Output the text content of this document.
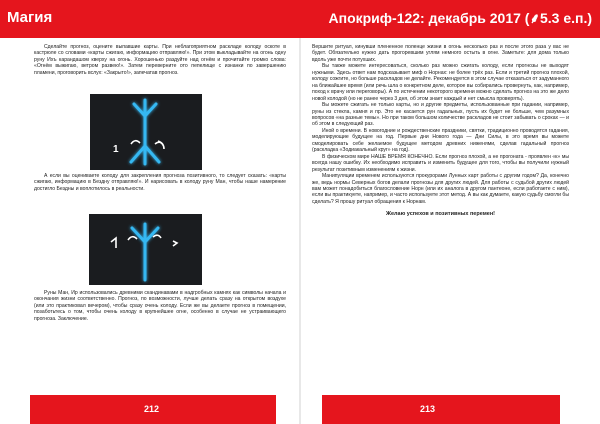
Магия	Апокриф-122: декабрь 2017 (⸙5.3 е.п.)

Сделайте прогноз, оцените выпавшие карты. При неблагоприятном раскладе колоду оскоте в кастрюле со словами «карты сжигаю, информацию отправляю!». При этом выкладывайте на огонь одну руну Ихъ карандашом кверху на огонь. Хорошенько раздуйте над огнём и прочитайте громко слова: «Огнём выжигаю, ветром развею!». Затем переверните ото пепелище с изнанки по завершению пламени, проговорить вслух: «Закрыто!», запечатав прогноз.

1

А если вы оцениваете колоду для закрепления прогноза позитивного, то следует сказать: «карты сжигаю, информацию в Бездну отправляю!». И нарисовать в колоду руну Ман, чтобы наше намерение достигло Бездны и воплотилось в реальности.

Руны Ман, Ир использовались древними скандинавами в надгробных камнях как символы начала и окончания жизни соответственно. Прогноз, по возможности, лучше делать сразу на открытом воздухе (или это практиковал вечером), чтобы сразу очень колоду. Если же вы делаете прогноз в помещении, позаботьтесь о том, чтобы очень колоду в крупнейшее огне, особенно в случае не устраивающего прогноза. Заключение.

212

Вершите ритуал, кинувши плененное поленце жизни в огонь несколько раз и после этого раза у вас не будет. Обязательно нужно дать прогоревшим углям немного остыть в огне. Заметьте: для дома только вдоль уже почти потухших.

Вы также можете интересоваться, сколько раз можно сжигать колоду, если прогнозы не выходят нужными. Здесь ответ нам подсказывает миф о Норнах: не более трёх раз. Если и третий прогноз плохой, колоду сожгите, но больше раскладов не делайте. Рекомендуется в этом случае отказаться от задуманного на ближайшее время (или речь шла о конкретном деле, которое вы собирались провернуть, как, например, поход к врачу или переговоры). А по истечении некоторого времени можно сделать прогноз на это же дело новой колодой (но не ранее через 3 дня, об этом знает каждый и нет смысла проверять).

Вы можете сжигать не только карты, но и другие предметы, использованные при гадании, например, руны из стекла, камня и пр. Это не касается рун гадальных, пусть их будет не больше, чем разумных вопросов «на разные темы». Но при таком большом количестве раскладов не стоит забывать о сроках — и об этом в следующий раз.

Иной о времени. В новогодние и рождественские праздники, святки, традиционно проводятся гадания, моделирующие будущее на год. Первые дни Нового года — Дни Силы, в это время вы можете смоделировать себе желаемое будущее методом древних ниженями, сделав гадальный прогноз (раскладка «Зодиакальный круг» на год).

В физическом мире НАШЕ ВРЕМЯ КОНЕЧНО. Если прогноз плохой, а не прогоната - проявлен «к» мы всегда нашу ошибку. Их необходимо исправить и изменить будущее для того, чтобы вы получили нужный результат позитивным изменениям к жизни.

Манипуляции временем используются прокурорами Лунных карт работы с другим годом? Да, конечно же, ведь нормы Северных богов делали прогнозы для других людей. Для работы с судьбой других людей вам может понадобиться благословение Норн (или их аналога в другом пантеоне, если работаете с ним), если вы практикуете, например, и часто используете этот метод. А вы как думаете, какую судьбу смогли бы сделать? Я прошу ритуал обращения к Норнам.

Желаю успехов и позитивных перемен!

213
